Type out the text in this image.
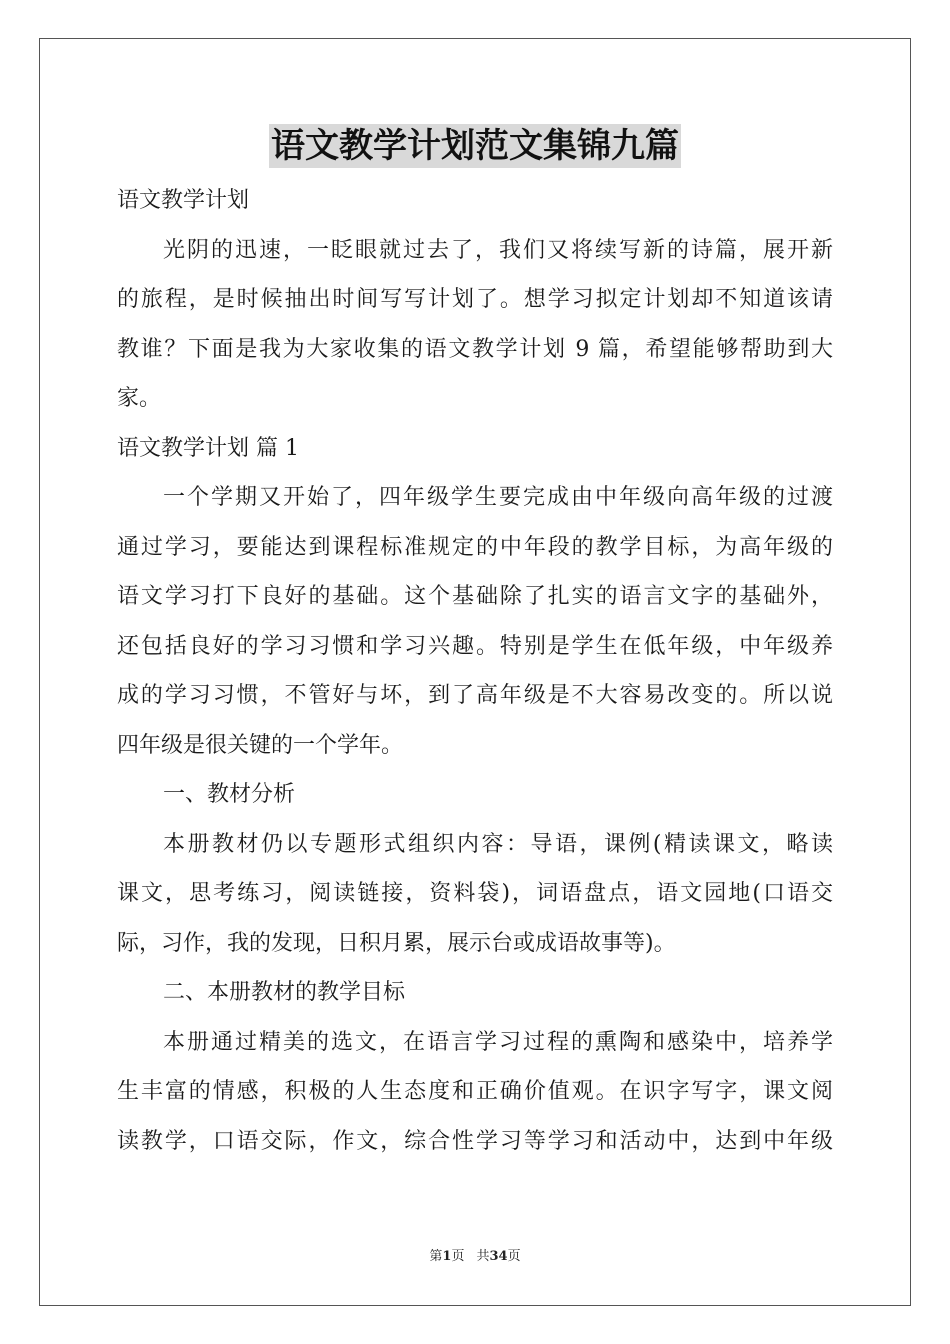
语文教学计划范文集锦九篇
语文教学计划
光阴的迅速，一眨眼就过去了，我们又将续写新的诗篇，展开新
的旅程，是时候抽出时间写写计划了。想学习拟定计划却不知道该请
教谁？下面是我为大家收集的语文教学计划 9 篇，希望能够帮助到大
家。
语文教学计划 篇 1
一个学期又开始了，四年级学生要完成由中年级向高年级的过渡
通过学习，要能达到课程标准规定的中年段的教学目标，为高年级的
语文学习打下良好的基础。这个基础除了扎实的语言文字的基础外，
还包括良好的学习习惯和学习兴趣。特别是学生在低年级，中年级养
成的学习习惯，不管好与坏，到了高年级是不大容易改变的。所以说
四年级是很关键的一个学年。
一、教材分析
本册教材仍以专题形式组织内容：导语，课例(精读课文，略读
课文，思考练习，阅读链接，资料袋)，词语盘点，语文园地(口语交
际，习作，我的发现，日积月累，展示台或成语故事等)。
二、本册教材的教学目标
本册通过精美的选文，在语言学习过程的熏陶和感染中，培养学
生丰富的情感，积极的人生态度和正确价值观。在识字写字，课文阅
读教学，口语交际，作文，综合性学习等学习和活动中，达到中年级
第1页 共34页
